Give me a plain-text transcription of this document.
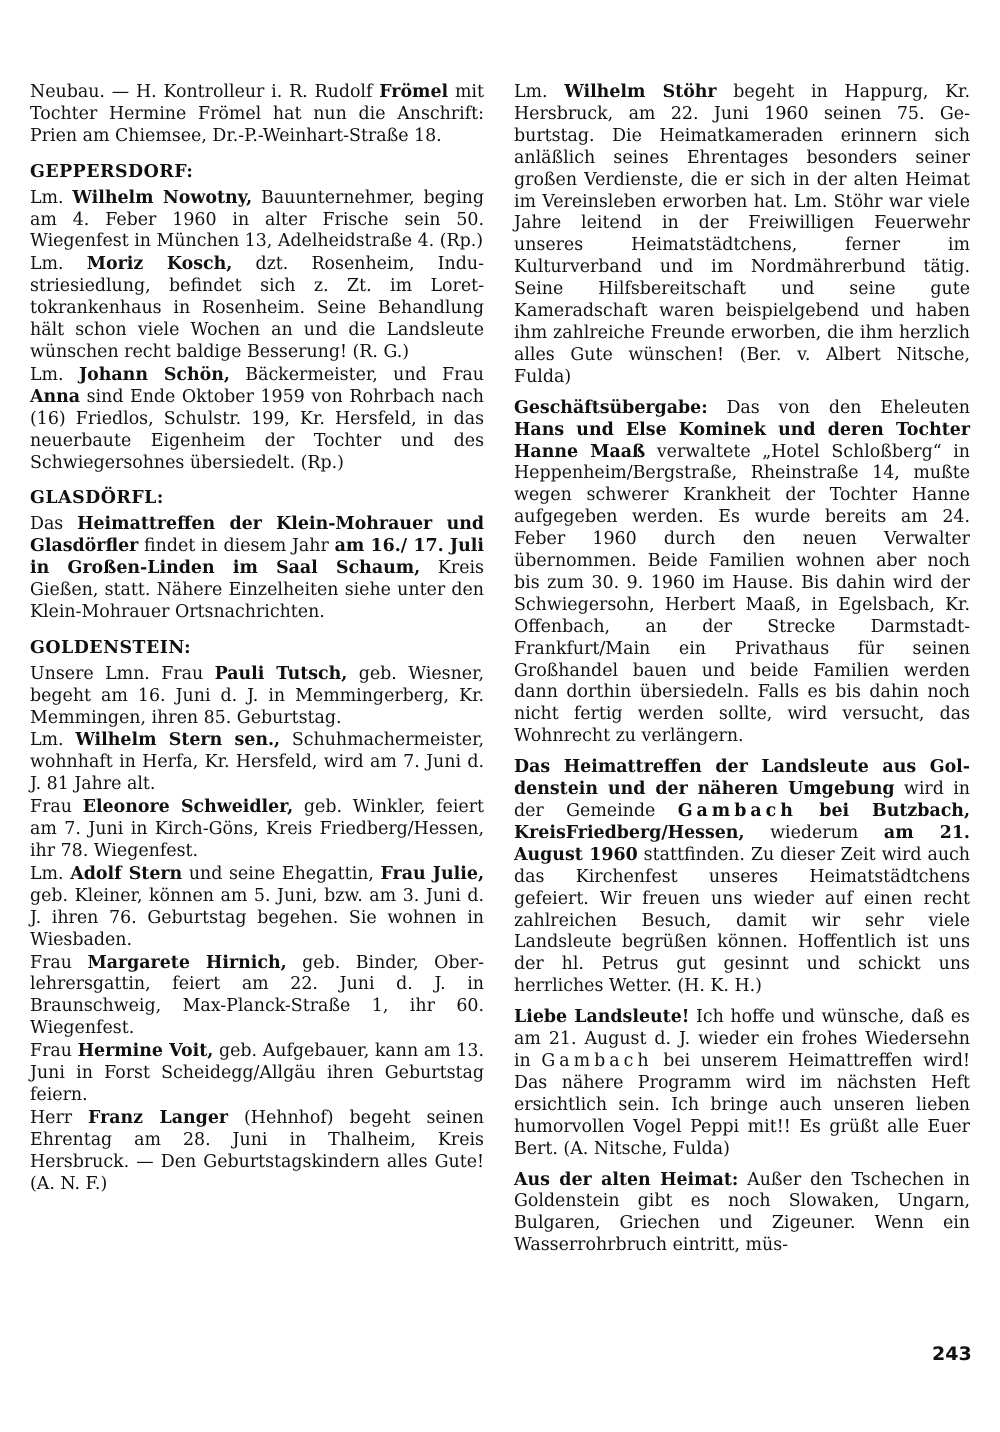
Neubau. — H. Kontrolleur i. R. Rudolf Frömel mit Tochter Hermine Frömel hat nun die Anschrift: Prien am Chiemsee, Dr.-P.-Weinhart-Straße 18.

GEPPERSDORF:

Lm. Wilhelm Nowotny, Bauunternehmer, beging am 4. Feber 1960 in alter Frische sein 50. Wiegenfest in München 13, Adelheidstraße 4. (Rp.)

Lm. Moriz Kosch, dzt. Rosenheim, Industriesiedlung, befindet sich z. Zt. im Lorettokrankenhaus in Rosenheim. Seine Behandlung hält schon viele Wochen an und die Landsleute wünschen recht baldige Besserung! (R. G.)

Lm. Johann Schön, Bäckermeister, und Frau Anna sind Ende Oktober 1959 von Rohrbach nach (16) Friedlos, Schulstr. 199, Kr. Hersfeld, in das neuerbaute Eigenheim der Tochter und des Schwiegersohnes übersiedelt. (Rp.)

GLASDÖRFL:

Das Heimattreffen der Klein-Mohrauer und Glasdörfler findet in diesem Jahr am 16./ 17. Juli in Großen-Linden im Saal Schaum, Kreis Gießen, statt. Nähere Einzelheiten siehe unter den Klein-Mohrauer Ortsnachrichten.

GOLDENSTEIN:

Unsere Lmn. Frau Pauli Tutsch, geb. Wiesner, begeht am 16. Juni d. J. in Memmingerberg, Kr. Memmingen, ihren 85. Geburtstag.

Lm. Wilhelm Stern sen., Schuhmachermeister, wohnhaft in Herfa, Kr. Hersfeld, wird am 7. Juni d. J. 81 Jahre alt.

Frau Eleonore Schweidler, geb. Winkler, feiert am 7. Juni in Kirch-Göns, Kreis Friedberg/Hessen, ihr 78. Wiegenfest.

Lm. Adolf Stern und seine Ehegattin, Frau Julie, geb. Kleiner, können am 5. Juni, bzw. am 3. Juni d. J. ihren 76. Geburtstag begehen. Sie wohnen in Wiesbaden.

Frau Margarete Hirnich, geb. Binder, Oberlehrersgattin, feiert am 22. Juni d. J. in Braunschweig, Max-Planck-Straße 1, ihr 60. Wiegenfest.

Frau Hermine Voit, geb. Aufgebauer, kann am 13. Juni in Forst Scheidegg/Allgäu ihren Geburtstag feiern.

Herr Franz Langer (Hehnhof) begeht seinen Ehrentag am 28. Juni in Thalheim, Kreis Hersbruck. — Den Geburtstagskindern alles Gute! (A. N. F.)

Lm. Wilhelm Stöhr begeht in Happurg, Kr. Hersbruck, am 22. Juni 1960 seinen 75. Geburtstag. Die Heimatkameraden erinnern sich anläßlich seines Ehrentages besonders seiner großen Verdienste, die er sich in der alten Heimat im Vereinsleben erworben hat. Lm. Stöhr war viele Jahre leitend in der Freiwilligen Feuerwehr unseres Heimatstädtchens, ferner im Kulturverband und im Nordmährerbund tätig. Seine Hilfsbereitschaft und seine gute Kameradschaft waren beispielgebend und haben ihm zahlreiche Freunde erworben, die ihm herzlich alles Gute wünschen! (Ber. v. Albert Nitsche, Fulda)

Geschäftsübergabe: Das von den Eheleuten Hans und Else Kominek und deren Tochter Hanne Maaß verwaltete „Hotel Schloßberg“ in Heppenheim/Bergstraße, Rheinstraße 14, mußte wegen schwerer Krankheit der Tochter Hanne aufgegeben werden. Es wurde bereits am 24. Feber 1960 durch den neuen Verwalter übernommen. Beide Familien wohnen aber noch bis zum 30. 9. 1960 im Hause. Bis dahin wird der Schwiegersohn, Herbert Maaß, in Egelsbach, Kr. Offenbach, an der Strecke Darmstadt-Frankfurt/Main ein Privathaus für seinen Großhandel bauen und beide Familien werden dann dorthin übersiedeln. Falls es bis dahin noch nicht fertig werden sollte, wird versucht, das Wohnrecht zu verlängern.

Das Heimattreffen der Landsleute aus Goldenstein und der näheren Umgebung wird in der Gemeinde Gambach bei Butzbach, KreisFriedberg/Hessen, wiederum am 21. August 1960 stattfinden. Zu dieser Zeit wird auch das Kirchenfest unseres Heimatstädtchens gefeiert. Wir freuen uns wieder auf einen recht zahlreichen Besuch, damit wir sehr viele Landsleute begrüßen können. Hoffentlich ist uns der hl. Petrus gut gesinnt und schickt uns herrliches Wetter. (H. K. H.)

Liebe Landsleute! Ich hoffe und wünsche, daß es am 21. August d. J. wieder ein frohes Wiedersehn in Gambach bei unserem Heimattreffen wird! Das nähere Programm wird im nächsten Heft ersichtlich sein. Ich bringe auch unseren lieben humorvollen Vogel Peppi mit!! Es grüßt alle Euer Bert. (A. Nitsche, Fulda)

Aus der alten Heimat: Außer den Tschechen in Goldenstein gibt es noch Slowaken, Ungarn, Bulgaren, Griechen und Zigeuner. Wenn ein Wasserrohrbruch eintritt, müs-

243
